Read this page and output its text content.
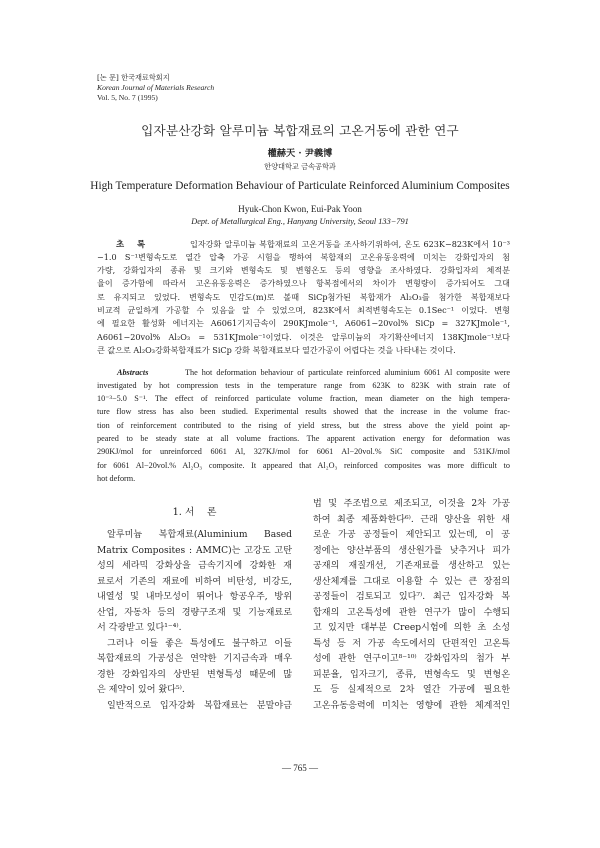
[논 문] 한국재료학회지
Korean Journal of Materials Research
Vol. 5, No. 7 (1995)
입자분산강화 알루미늄 복합재료의 고온거동에 관한 연구
權赫天 · 尹義博
한양대학교 금속공학과
High Temperature Deformation Behaviour of Particulate Reinforced Aluminium Composites
Hyuk-Chon Kwon, Eui-Pak Yoon
Dept. of Metallurgical Eng., Hanyang University, Seoul 133−791
초 록	입자강화 알루미늄 복합재료의 고온거동을 조사하기위하여, 온도 623K−823K에서 10⁻³
−1.0 S⁻¹변형속도로 열간 압축 가공 시험을 행하여 복합재의 고온유동응력에 미치는 강화입자의 첨
가량, 강화입자의 종류 및 크기와 변형속도 및 변형온도 등의 영향을 조사하였다. 강화입자의 체적분
율이 증가함에 따라서 고온유동응력은 증가하였으나 항복점에서의 차이가 변형량이 증가되어도 그대
로 유지되고 있었다. 변형속도 민감도(m)로 볼때 SiCp첨가된 복합재가 Al₂O₃를 첨가한 복합재보다
비교적 균일하게 가공할 수 있음을 알 수 있었으며, 823K에서 최적변형속도는 0.1Sec⁻¹ 이었다. 변형
에 필요한 활성화 에너지는 A6061기지금속이 290KJmole⁻¹, A6061−20vol% SiCp = 327KJmole⁻¹,
A6061−20vol% Al₂O₃ = 531KJmole⁻¹이었다. 이것은 알루미늄의 자기확산에너지 138KJmole⁻¹보다
큰 값으로 Al₂O₃강화복합재료가 SiCp 강화 복합재료보다 열간가공이 어렵다는 것을 나타내는 것이다.
Abstracts	The hot deformation behaviour of particulate reinforced aluminium 6061 Al composite were
investigated by hot compression tests in the temperature range from 623K to 823K with strain rate of
10⁻³−5.0 S⁻¹. The effect of reinforced particulate volume fraction, mean diameter on the high tempera-
ture flow stress has also been studied. Experimental results showed that the increase in the volume frac-
tion of reinforcement contributed to the rising of yield stress, but the stress above the yield point ap-
peared to be steady state at all volume fractions. The apparent activation energy for deformation was
290KJ/mol for unreinforced 6061 Al, 327KJ/mol for 6061 Al−20vol.% SiC composite and 531KJ/mol
for 6061 Al−20vol.% Al₂O₃ composite. It appeared that Al₂O₃ reinforced composites was more difficult to
hot deform.
1. 서    론
알루미늄 복합재료(Aluminium Based
Matrix Composites : AMMC)는 고강도 고탄
성의 세라믹 강화상을 금속기지에 강화한 재
료로서 기존의 재료에 비하여 비탄성, 비강도,
내열성 및 내마모성이 뛰어나 항공우주, 방위
산업, 자동차 등의 경량구조재 및 기능재료로
서 각광받고 있다¹⁻⁴⁾.
그러나 이들 좋은 특성에도 불구하고 이들
복합재료의 가공성은 연약한 기지금속과 매우
경한 강화입자의 상반된 변형특성 때문에 많
은 제약이 있어 왔다⁵⁾.
일반적으로 입자강화 복합재료는 분말야금
법 및 주조법으로 제조되고, 이것을 2차 가공
하여 최종 제품화한다⁶⁾. 근래 양산을 위한 새
로운 가공 공정들이 제안되고 있는데, 이 공
정에는 양산부품의 생산원가를 낮추거나 피가
공재의 재질개선, 기존재료를 생산하고 있는
생산체계를 그대로 이용할 수 있는 큰 장점의
공정들이 검토되고 있다⁷⁾. 최근 입자강화 복
합재의 고온특성에 관한 연구가 많이 수행되
고 있지만 대부분 Creep시험에 의한 초 소성
특성 등 저 가공 속도에서의 단편적인 고온특
성에 관한 연구이고⁸⁻¹⁰⁾ 강화입자의 첨가 부
피분율, 입자크기, 종류, 변형속도 및 변형온
도 등 실제적으로 2차 열간 가공에 필요한
고온유동응력에 미치는 영향에 관한 체계적인
— 765 —
